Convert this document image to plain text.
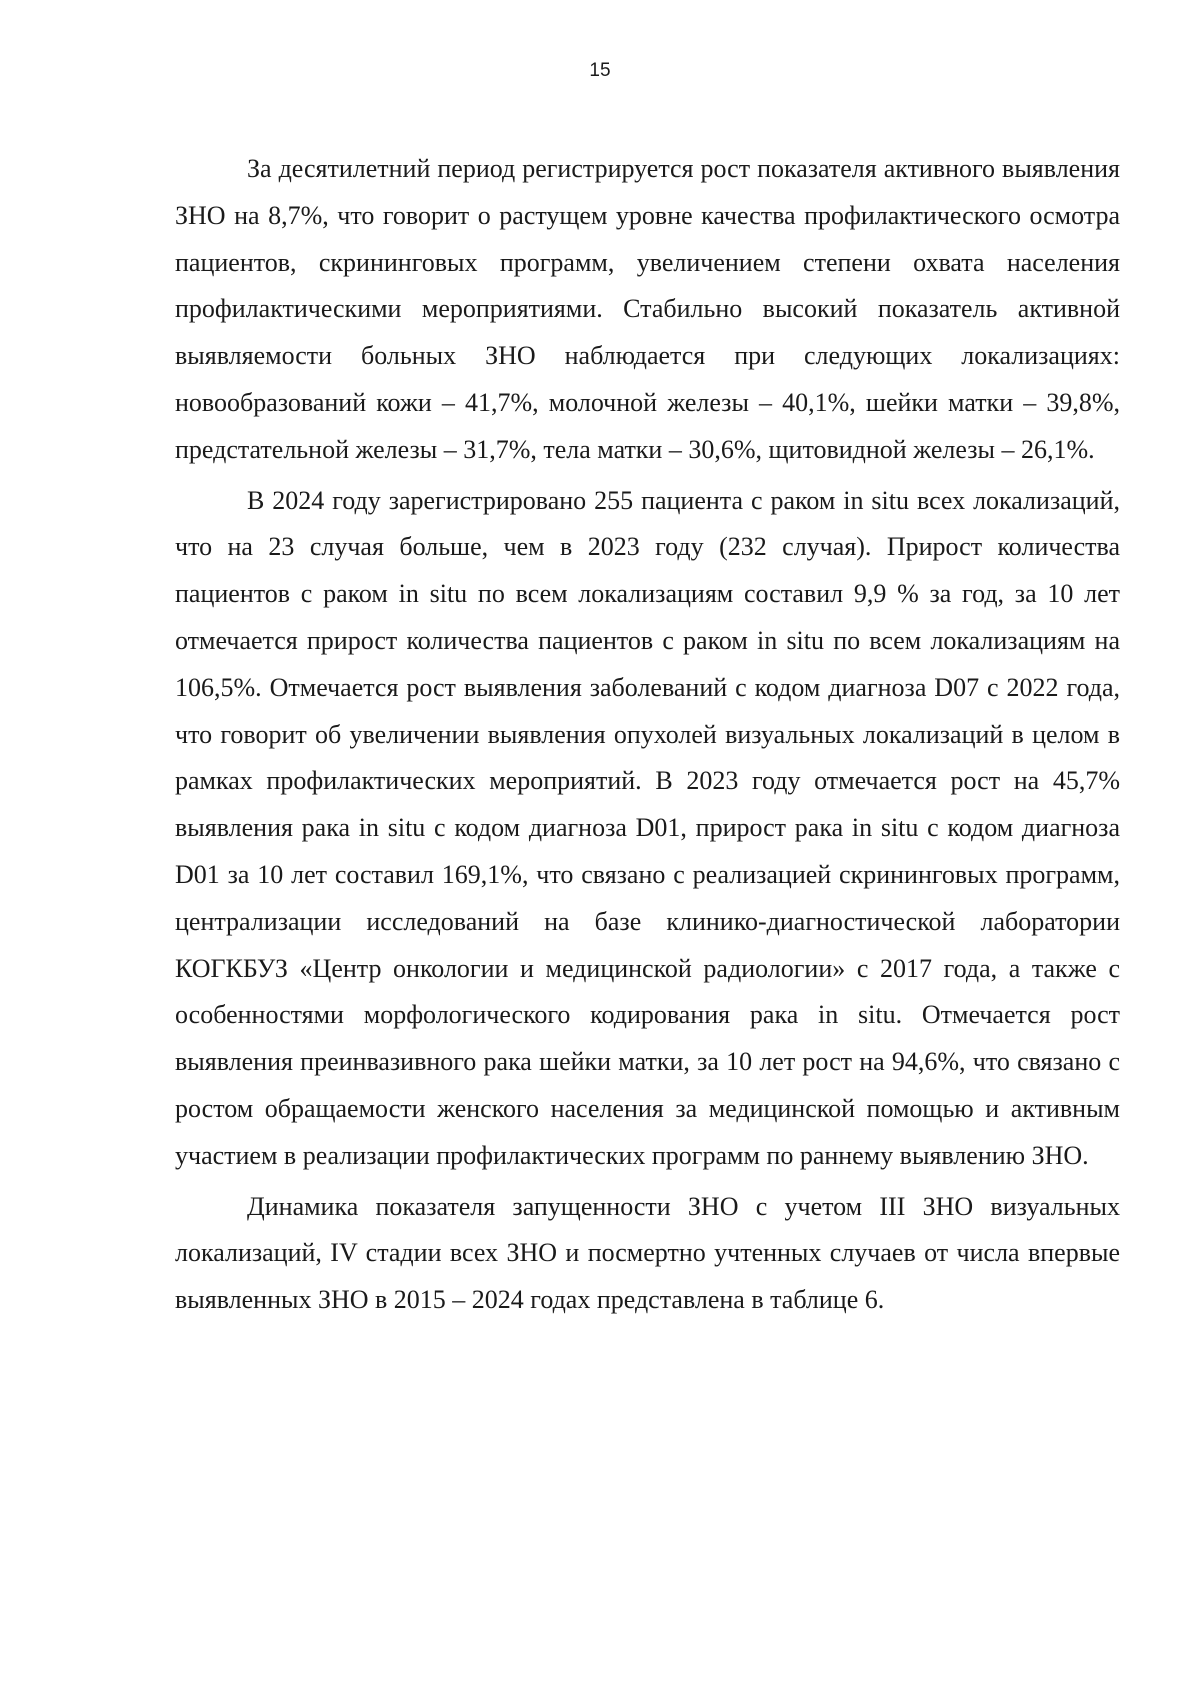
15

За десятилетний период регистрируется рост показателя активного выявления ЗНО на 8,7%, что говорит о растущем уровне качества профилактического осмотра пациентов, скрининговых программ, увеличением степени охвата населения профилактическими мероприятиями. Стабильно высокий показатель активной выявляемости больных ЗНО наблюдается при следующих локализациях: новообразований кожи – 41,7%, молочной железы – 40,1%, шейки матки – 39,8%, предстательной железы – 31,7%, тела матки – 30,6%, щитовидной железы – 26,1%.

В 2024 году зарегистрировано 255 пациента с раком in situ всех локализаций, что на 23 случая больше, чем в 2023 году (232 случая). Прирост количества пациентов с раком in situ по всем локализациям составил 9,9 % за год, за 10 лет отмечается прирост количества пациентов с раком in situ по всем локализациям на 106,5%. Отмечается рост выявления заболеваний с кодом диагноза D07 с 2022 года, что говорит об увеличении выявления опухолей визуальных локализаций в целом в рамках профилактических мероприятий. В 2023 году отмечается рост на 45,7% выявления рака in situ с кодом диагноза D01, прирост рака in situ с кодом диагноза D01 за 10 лет составил 169,1%, что связано с реализацией скрининговых программ, централизации исследований на базе клинико-диагностической лаборатории КОГКБУЗ «Центр онкологии и медицинской радиологии» с 2017 года, а также с особенностями морфологического кодирования рака in situ. Отмечается рост выявления преинвазивного рака шейки матки, за 10 лет рост на 94,6%, что связано с ростом обращаемости женского населения за медицинской помощью и активным участием в реализации профилактических программ по раннему выявлению ЗНО.

Динамика показателя запущенности ЗНО с учетом III ЗНО визуальных локализаций, IV стадии всех ЗНО и посмертно учтенных случаев от числа впервые выявленных ЗНО в 2015 – 2024 годах представлена в таблице 6.
